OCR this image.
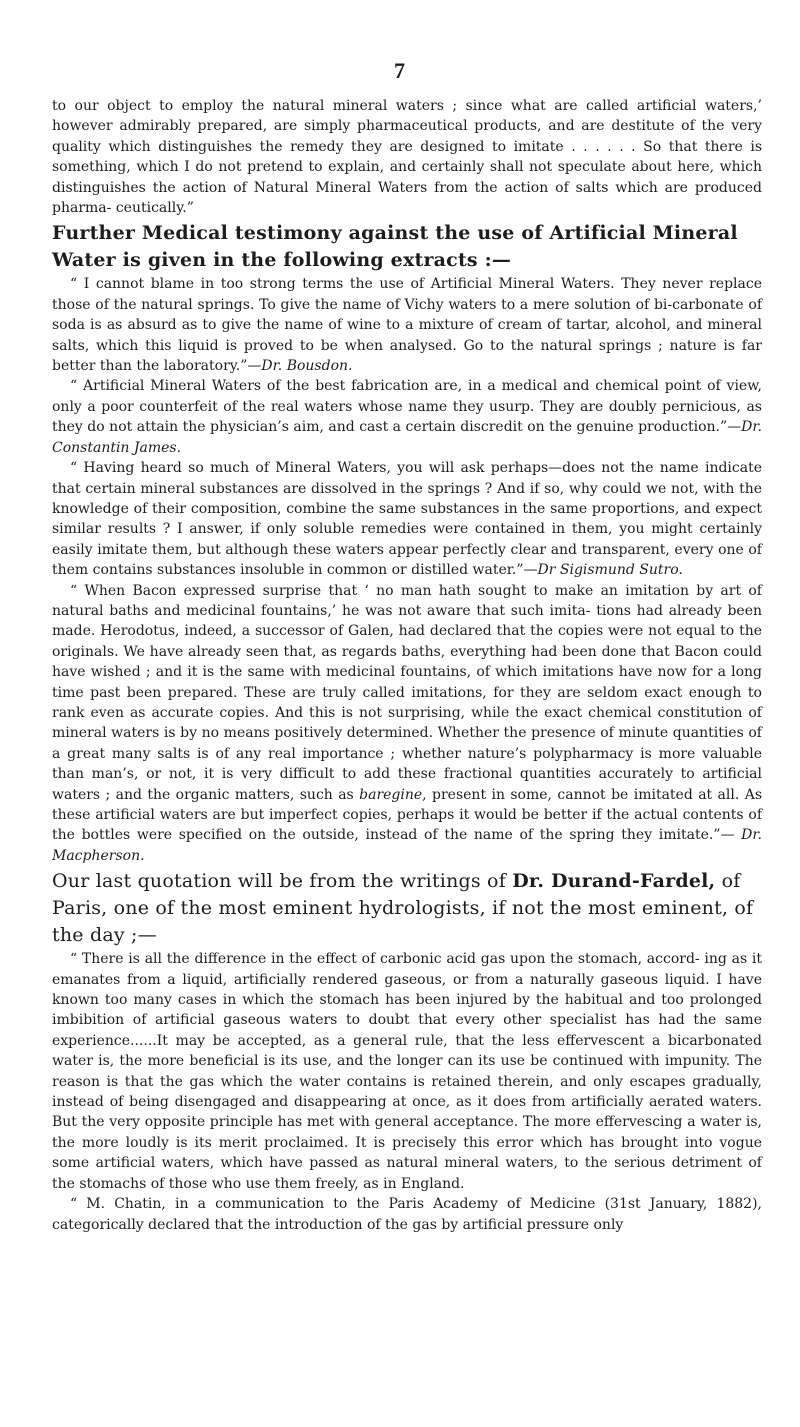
7

to our object to employ the natural mineral waters ; since what are called artificial waters,’ however admirably prepared, are simply pharmaceutical products, and are destitute of the very quality which distinguishes the remedy they are designed to imitate . . . . . . So that there is something, which I do not pretend to explain, and certainly shall not speculate about here, which distinguishes the action of Natural Mineral Waters from the action of salts which are produced pharma- ceutically.”

Further Medical testimony against the use of Artificial Mineral Water is given in the following extracts :—

“ I cannot blame in too strong terms the use of Artificial Mineral Waters. They never replace those of the natural springs. To give the name of Vichy waters to a mere solution of bi-carbonate of soda is as absurd as to give the name of wine to a mixture of cream of tartar, alcohol, and mineral salts, which this liquid is proved to be when analysed. Go to the natural springs ; nature is far better than the laboratory.”—Dr. Bousdon.

“ Artificial Mineral Waters of the best fabrication are, in a medical and chemical point of view, only a poor counterfeit of the real waters whose name they usurp. They are doubly pernicious, as they do not attain the physician’s aim, and cast a certain discredit on the genuine production.”—Dr. Constantin James.

“ Having heard so much of Mineral Waters, you will ask perhaps—does not the name indicate that certain mineral substances are dissolved in the springs ? And if so, why could we not, with the knowledge of their composition, combine the same substances in the same proportions, and expect similar results ? I answer, if only soluble remedies were contained in them, you might certainly easily imitate them, but although these waters appear perfectly clear and transparent, every one of them contains substances insoluble in common or distilled water.”—Dr Sigismund Sutro.

“ When Bacon expressed surprise that ‘ no man hath sought to make an imitation by art of natural baths and medicinal fountains,’ he was not aware that such imita- tions had already been made. Herodotus, indeed, a successor of Galen, had declared that the copies were not equal to the originals. We have already seen that, as regards baths, everything had been done that Bacon could have wished ; and it is the same with medicinal fountains, of which imitations have now for a long time past been prepared. These are truly called imitations, for they are seldom exact enough to rank even as accurate copies. And this is not surprising, while the exact chemical constitution of mineral waters is by no means positively determined. Whether the presence of minute quantities of a great many salts is of any real importance ; whether nature’s polypharmacy is more valuable than man’s, or not, it is very difficult to add these fractional quantities accurately to artificial waters ; and the organic matters, such as baregine, present in some, cannot be imitated at all. As these artificial waters are but imperfect copies, perhaps it would be better if the actual contents of the bottles were specified on the outside, instead of the name of the spring they imitate.”— Dr. Macpherson.

Our last quotation will be from the writings of Dr. Durand-Fardel, of Paris, one of the most eminent hydrologists, if not the most eminent, of the day ;—

“ There is all the difference in the effect of carbonic acid gas upon the stomach, accord- ing as it emanates from a liquid, artificially rendered gaseous, or from a naturally gaseous liquid. I have known too many cases in which the stomach has been injured by the habitual and too prolonged imbibition of artificial gaseous waters to doubt that every other specialist has had the same experience......It may be accepted, as a general rule, that the less effervescent a bicarbonated water is, the more beneficial is its use, and the longer can its use be continued with impunity. The reason is that the gas which the water contains is retained therein, and only escapes gradually, instead of being disengaged and disappearing at once, as it does from artificially aerated waters. But the very opposite principle has met with general acceptance. The more effervescing a water is, the more loudly is its merit proclaimed. It is precisely this error which has brought into vogue some artificial waters, which have passed as natural mineral waters, to the serious detriment of the stomachs of those who use them freely, as in England.

“ M. Chatin, in a communication to the Paris Academy of Medicine (31st January, 1882), categorically declared that the introduction of the gas by artificial pressure only
